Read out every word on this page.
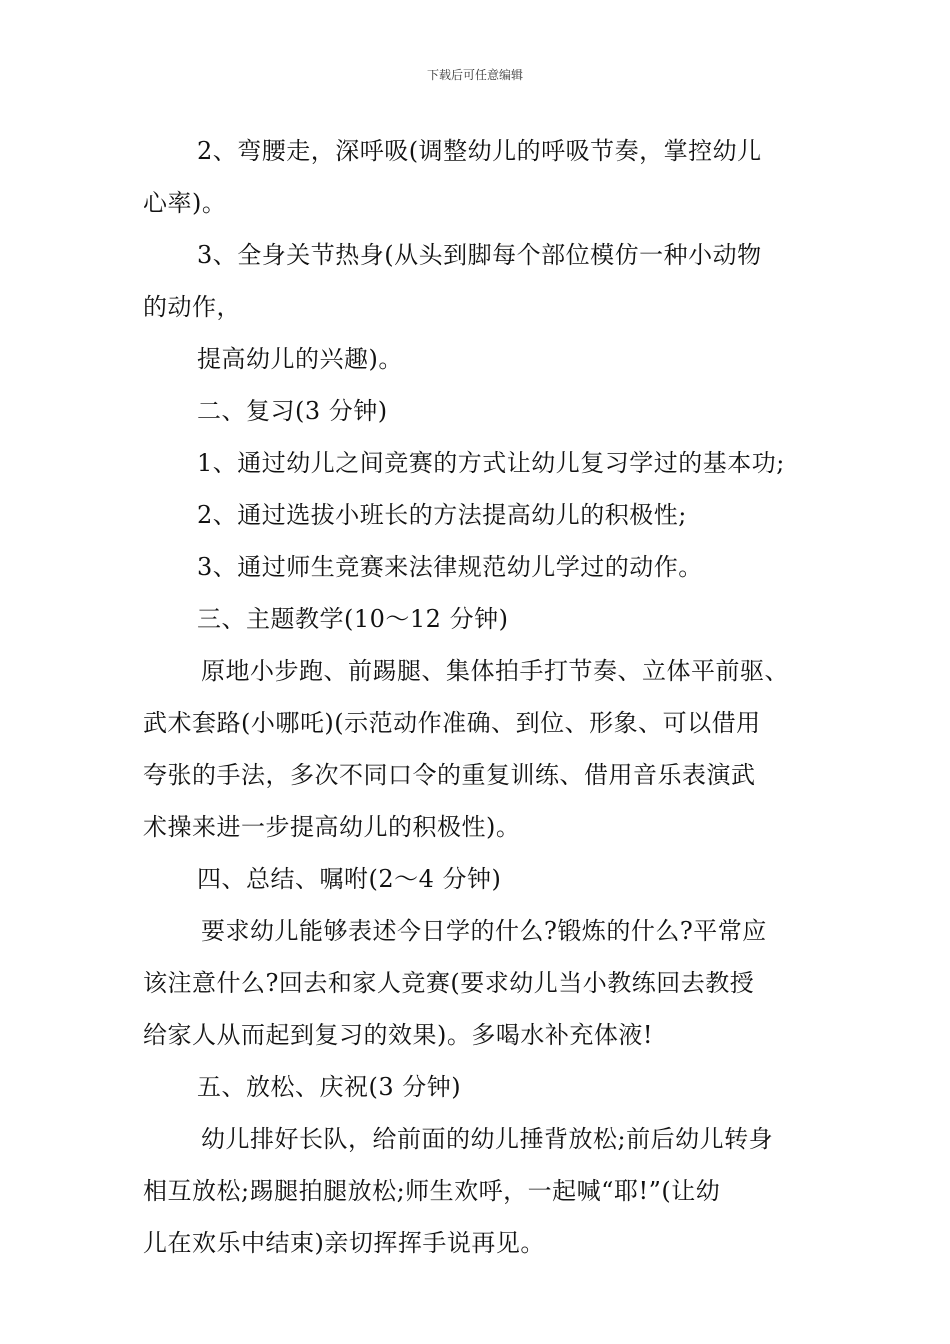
下载后可任意编辑
2、弯腰走，深呼吸(调整幼儿的呼吸节奏，掌控幼儿
心率)。
3、全身关节热身(从头到脚每个部位模仿一种小动物
的动作，
提高幼儿的兴趣)。
二、复习(3 分钟)
1、通过幼儿之间竞赛的方式让幼儿复习学过的基本功;
2、通过选拔小班长的方法提高幼儿的积极性;
3、通过师生竞赛来法律规范幼儿学过的动作。
三、主题教学(10～12 分钟)
原地小步跑、前踢腿、集体拍手打节奏、立体平前驱、
武术套路(小哪吒)(示范动作准确、到位、形象、可以借用
夸张的手法，多次不同口令的重复训练、借用音乐表演武
术操来进一步提高幼儿的积极性)。
四、总结、嘱咐(2～4 分钟)
要求幼儿能够表述今日学的什么?锻炼的什么?平常应
该注意什么?回去和家人竞赛(要求幼儿当小教练回去教授
给家人从而起到复习的效果)。多喝水补充体液!
五、放松、庆祝(3 分钟)
幼儿排好长队，给前面的幼儿捶背放松;前后幼儿转身
相互放松;踢腿拍腿放松;师生欢呼，一起喊“耶!”(让幼
儿在欢乐中结束)亲切挥挥手说再见。
